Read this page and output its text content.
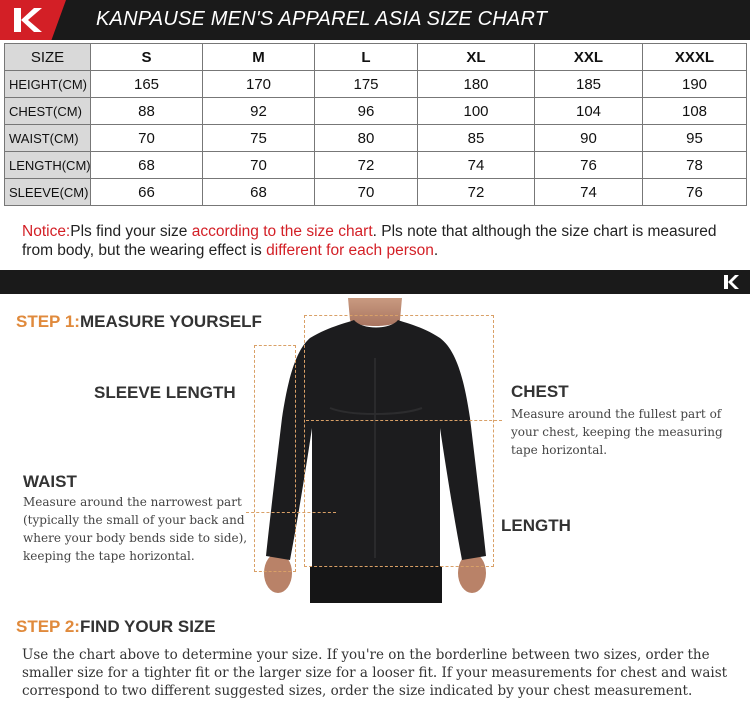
KANPAUSE MEN'S APPAREL ASIA SIZE CHART
SIZE	S	M	L	XL	XXL	XXXL
HEIGHT(CM)	165	170	175	180	185	190
CHEST(CM)	88	92	96	100	104	108
WAIST(CM)	70	75	80	85	90	95
LENGTH(CM)	68	70	72	74	76	78
SLEEVE(CM)	66	68	70	72	74	76
Notice:Pls find your size according to the size chart. Pls note that although the size chart is measured from body, but the wearing effect is different for each person.
STEP 1:MEASURE YOURSELF
SLEEVE LENGTH	CHEST
Measure around the fullest part of your chest, keeping the measuring tape horizontal.
WAIST
Measure around the narrowest part (typically the small of your back and where your body bends side to side), keeping the tape horizontal.
LENGTH
STEP 2:FIND YOUR SIZE
Use the chart above to determine your size. If you're on the borderline between two sizes, order the smaller size for a tighter fit or the larger size for a looser fit. If your measurements for chest and waist correspond to two different suggested sizes, order the size indicated by your chest measurement.
